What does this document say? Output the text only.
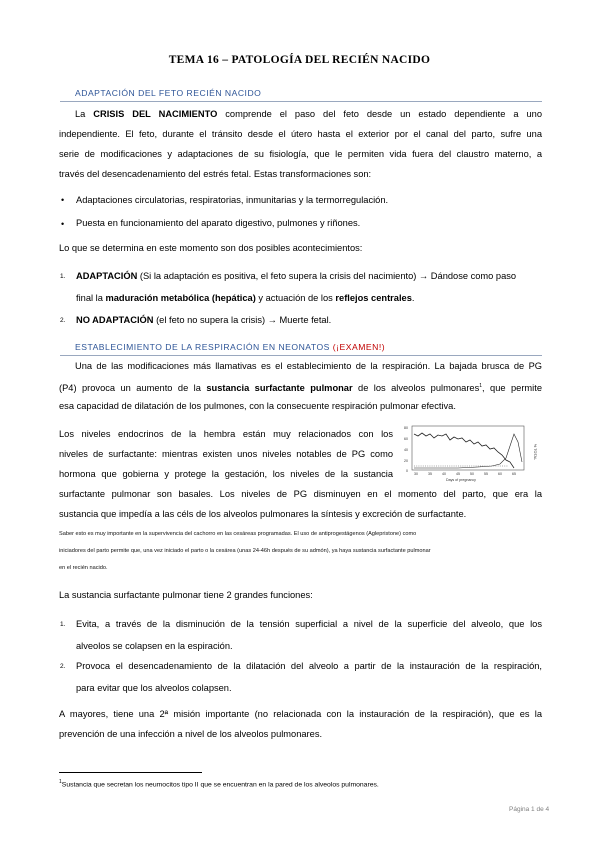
TEMA 16 – PATOLOGÍA DEL RECIÉN NACIDO
ADAPTACIÓN DEL FETO RECIÉN NACIDO
La CRISIS DEL NACIMIENTO comprende el paso del feto desde un estado dependiente a uno
independiente. El feto, durante el tránsito desde el útero hasta el exterior por el canal del parto, sufre una
serie de modificaciones y adaptaciones de su fisiología, que le permiten vida fuera del claustro materno, a
través del desencadenamiento del estrés fetal. Estas transformaciones son:
• Adaptaciones circulatorias, respiratorias, inmunitarias y la termorregulación.
• Puesta en funcionamiento del aparato digestivo, pulmones y riñones.
Lo que se determina en este momento son dos posibles acontecimientos:
1. ADAPTACIÓN (Si la adaptación es positiva, el feto supera la crisis del nacimiento) → Dándose como paso
final la maduración metabólica (hepática) y actuación de los reflejos centrales.
2. NO ADAPTACIÓN (el feto no supera la crisis) → Muerte fetal.
ESTABLECIMIENTO DE LA RESPIRACIÓN EN NEONATOS (¡EXAMEN!)
Una de las modificaciones más llamativas es el establecimiento de la respiración. La bajada brusca de PG
(P4) provoca un aumento de la sustancia surfactante pulmonar de los alveolos pulmonares$^1$, que permite
esa capacidad de dilatación de los pulmones, con la consecuente respiración pulmonar efectiva.
Los niveles endocrinos de la hembra están muy relacionados con los
niveles de surfactante: mientras existen unos niveles notables de PG como
hormona que gobierna y protege la gestación, los niveles de la sustancia
surfactante pulmonar son basales. Los niveles de PG disminuyen en el momento del parto, que era la
sustancia que impedía a las céls de los alveolos pulmonares la síntesis y excreción de surfactante.
80
60
40
20
0
% TOTAL
30	35	40	45	50	55	60	65
Days of pregnancy
Saber esto es muy importante en la supervivencia del cachorro en las cesáreas programadas. El uso de antiprogestágenos (Aglepristone) como
iniciadores del parto permite que, una vez iniciado el parto o la cesárea (unas 24-46h después de su admón), ya haya sustancia surfactante pulmonar
en el recién nacido.
La sustancia surfactante pulmonar tiene 2 grandes funciones:
1. Evita, a través de la disminución de la tensión superficial a nivel de la superficie del alveolo, que los
alveolos se colapsen en la espiración.
2. Provoca el desencadenamiento de la dilatación del alveolo a partir de la instauración de la respiración,
para evitar que los alveolos colapsen.
A mayores, tiene una 2ª misión importante (no relacionada con la instauración de la respiración), que es la
prevención de una infección a nivel de los alveolos pulmonares.
$^1$Sustancia que secretan los neumocitos tipo II que se encuentran en la pared de los alveolos pulmonares.
Página 1 de 4
